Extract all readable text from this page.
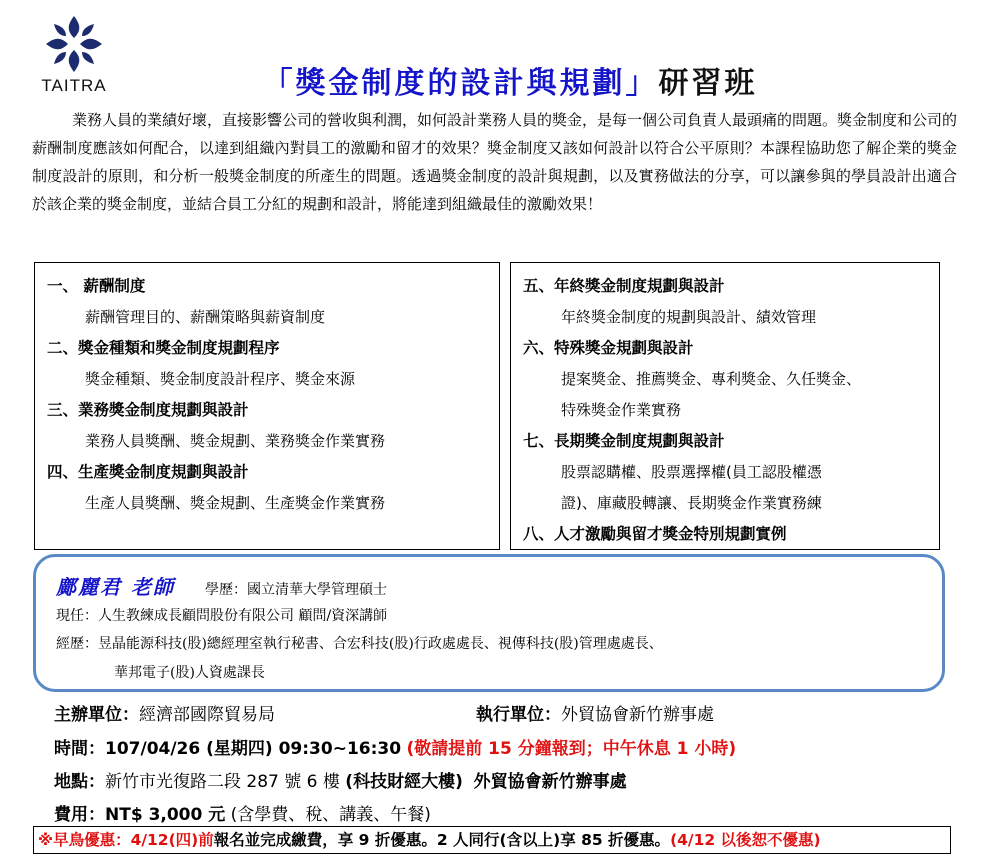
TAITRA	「獎金制度的設計與規劃」研習班
業務人員的業績好壞，直接影響公司的營收與利潤，如何設計業務人員的獎金，是每一個公司負責人最頭痛的問題。獎金制度和公司的薪酬制度應該如何配合，以達到組織內對員工的激勵和留才的效果？獎金制度又該如何設計以符合公平原則？本課程協助您了解企業的獎金制度設計的原則，和分析一般獎金制度的所產生的問題。透過獎金制度的設計與規劃，以及實務做法的分享，可以讓參與的學員設計出適合於該企業的獎金制度，並結合員工分紅的規劃和設計，將能達到組織最佳的激勵效果！
一、 薪酬制度
薪酬管理目的、薪酬策略與薪資制度
二、獎金種類和獎金制度規劃程序
獎金種類、獎金制度設計程序、獎金來源
三、業務獎金制度規劃與設計
業務人員獎酬、獎金規劃、業務獎金作業實務
四、生產獎金制度規劃與設計
生產人員獎酬、獎金規劃、生產獎金作業實務
五、年終獎金制度規劃與設計
年終獎金制度的規劃與設計、績效管理
六、特殊獎金規劃與設計
提案獎金、推薦獎金、專利獎金、久任獎金、
特殊獎金作業實務
七、長期獎金制度規劃與設計
股票認購權、股票選擇權(員工認股權憑
證)、庫藏股轉讓、長期獎金作業實務練
八、人才激勵與留才獎金特別規劃實例
鄺麗君 老師 學歷：國立清華大學管理碩士
現任：人生教練成長顧問股份有限公司 顧問/資深講師
經歷：昱晶能源科技(股)總經理室執行秘書、合宏科技(股)行政處處長、視傳科技(股)管理處處長、
華邦電子(股)人資處課長
主辦單位：經濟部國際貿易局	執行單位：外貿協會新竹辦事處
時間：107/04/26 (星期四) 09:30~16:30 (敬請提前 15 分鐘報到；中午休息 1 小時)
地點：新竹市光復路二段 287 號 6 樓 (科技財經大樓) 外貿協會新竹辦事處
費用：NT$ 3,000 元 (含學費、稅、講義、午餐)
※早鳥優惠：4/12(四)前報名並完成繳費，享 9 折優惠。2 人同行(含以上)享 85 折優惠。(4/12 以後恕不優惠)
